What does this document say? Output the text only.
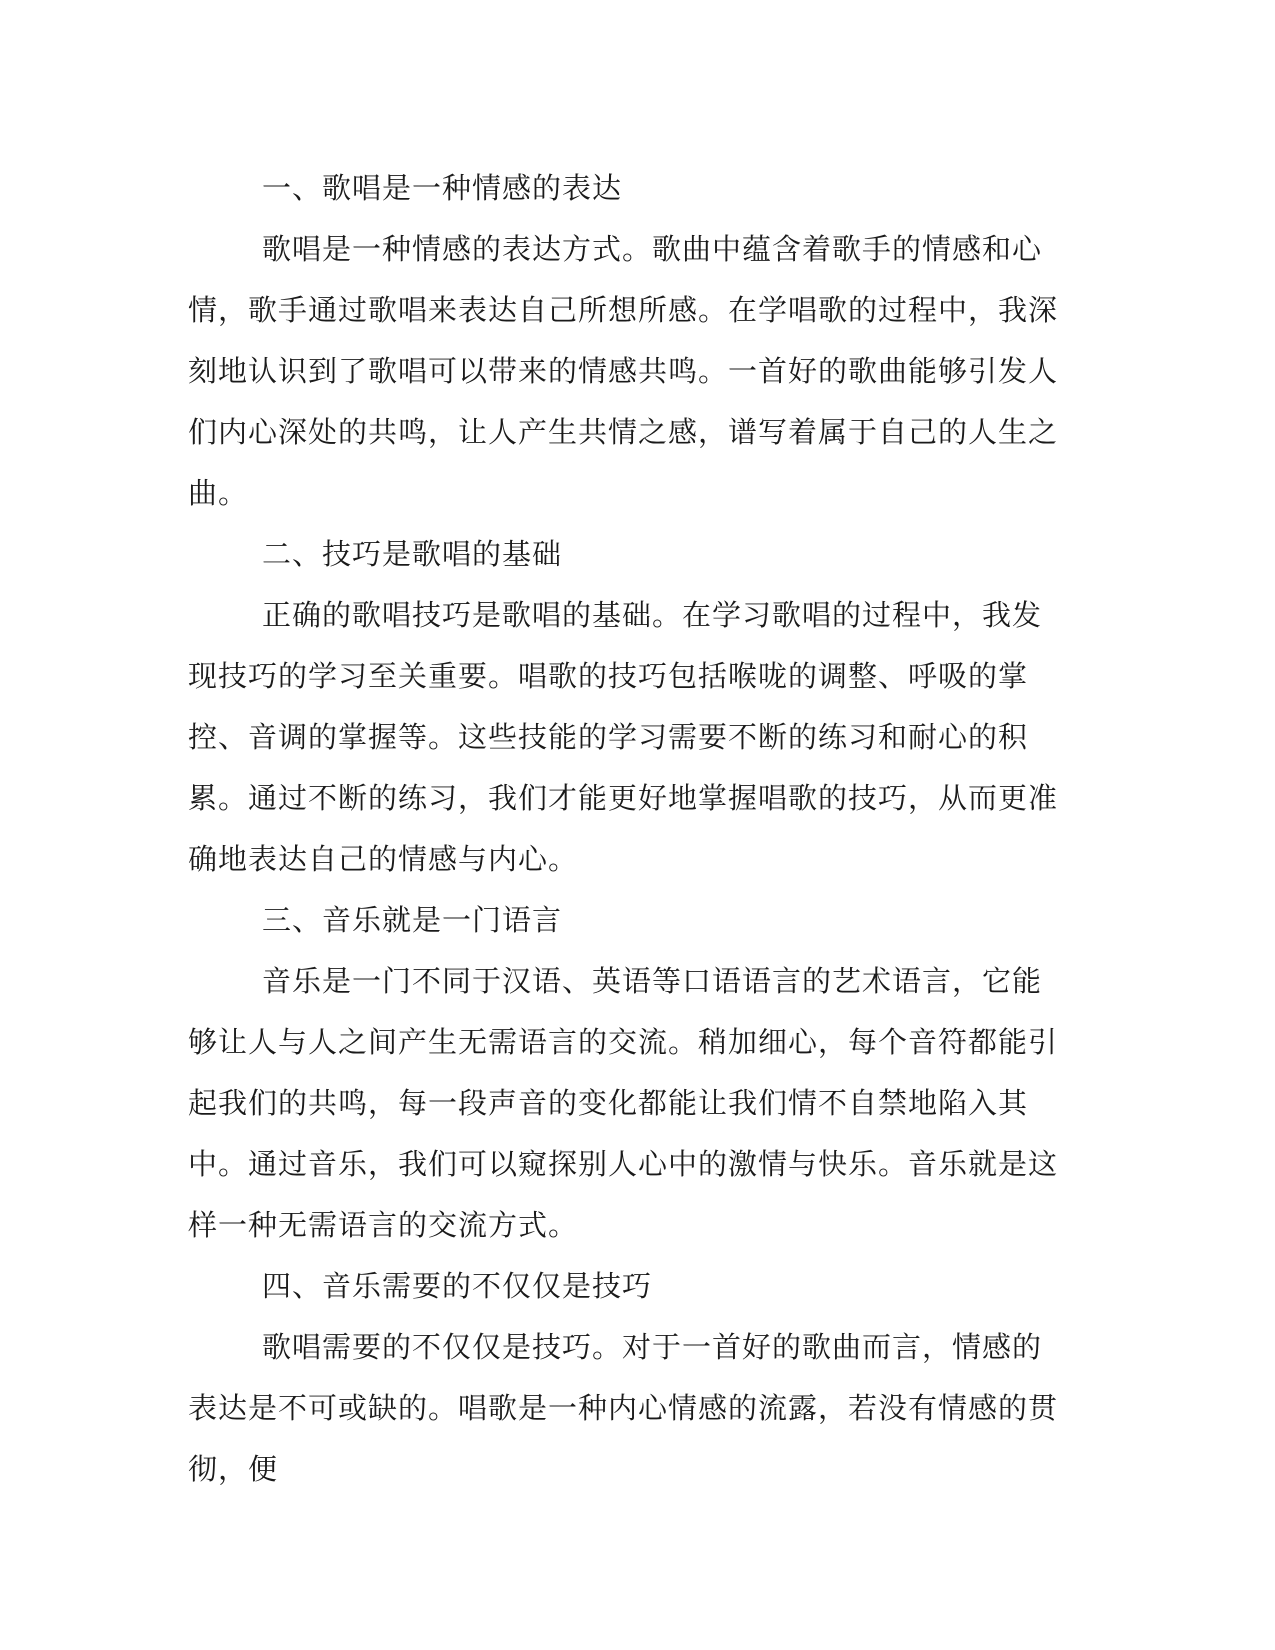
一、歌唱是一种情感的表达

歌唱是一种情感的表达方式。歌曲中蕴含着歌手的情感和心情，歌手通过歌唱来表达自己所想所感。在学唱歌的过程中，我深刻地认识到了歌唱可以带来的情感共鸣。一首好的歌曲能够引发人们内心深处的共鸣，让人产生共情之感，谱写着属于自己的人生之曲。

二、技巧是歌唱的基础

正确的歌唱技巧是歌唱的基础。在学习歌唱的过程中，我发现技巧的学习至关重要。唱歌的技巧包括喉咙的调整、呼吸的掌控、音调的掌握等。这些技能的学习需要不断的练习和耐心的积累。通过不断的练习，我们才能更好地掌握唱歌的技巧，从而更准确地表达自己的情感与内心。

三、音乐就是一门语言

音乐是一门不同于汉语、英语等口语语言的艺术语言，它能够让人与人之间产生无需语言的交流。稍加细心，每个音符都能引起我们的共鸣，每一段声音的变化都能让我们情不自禁地陷入其中。通过音乐，我们可以窥探别人心中的激情与快乐。音乐就是这样一种无需语言的交流方式。

四、音乐需要的不仅仅是技巧

歌唱需要的不仅仅是技巧。对于一首好的歌曲而言，情感的表达是不可或缺的。唱歌是一种内心情感的流露，若没有情感的贯彻，便
